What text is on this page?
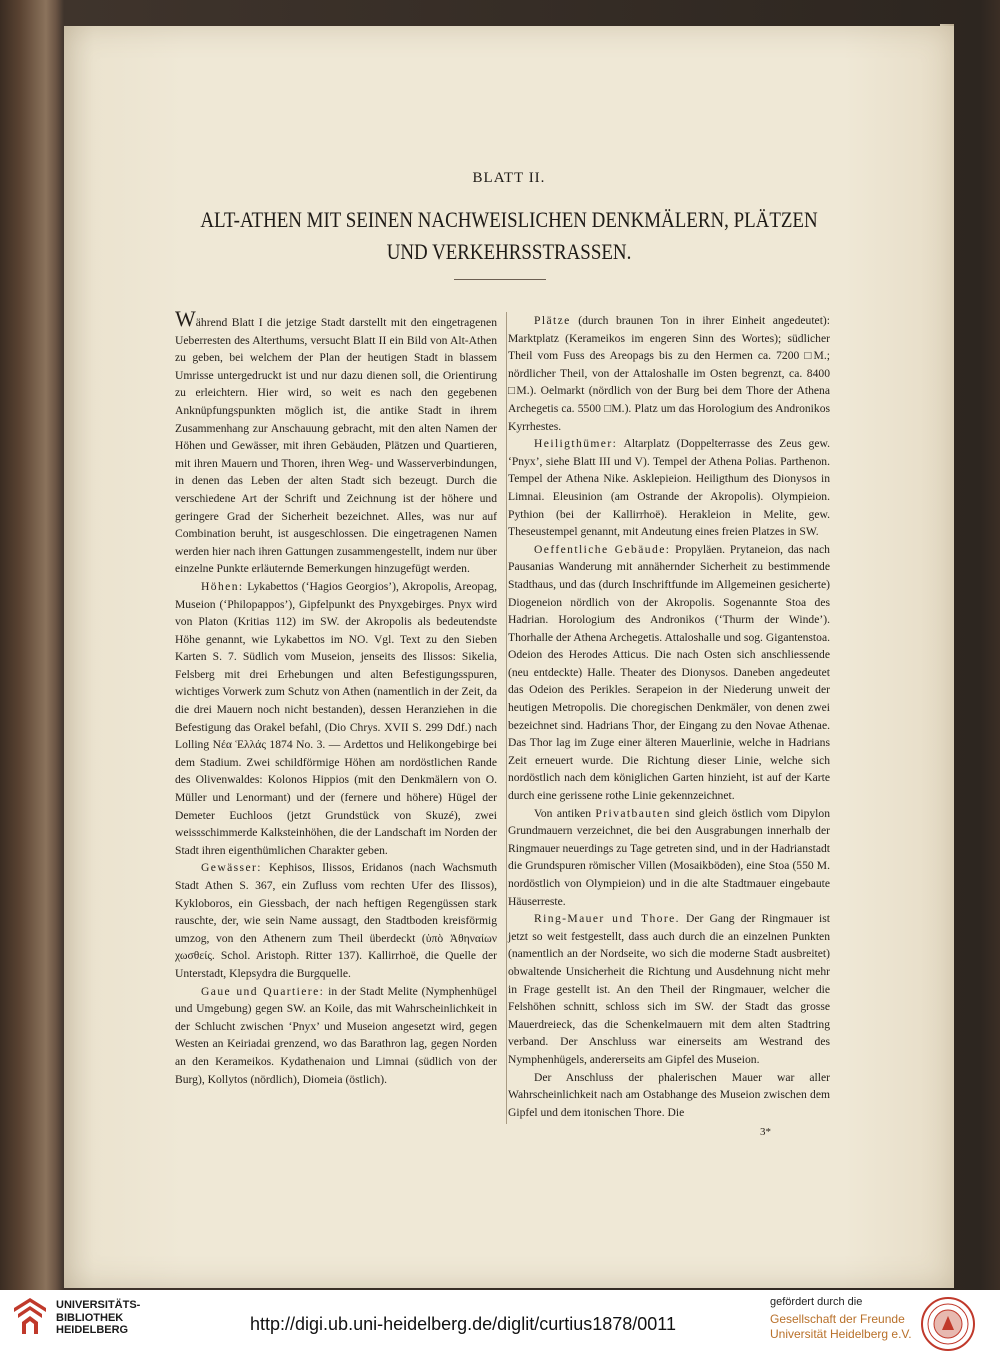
BLATT II.
ALT-ATHEN MIT SEINEN NACHWEISLICHEN DENKMÄLERN, PLÄTZEN
UND VERKEHRSSTRASSEN.

Während Blatt I die jetzige Stadt darstellt mit den eingetragenen Ueberresten des Alterthums, versucht Blatt II ein Bild von Alt-Athen zu geben, bei welchem der Plan der heutigen Stadt in blassem Umrisse untergedruckt ist und nur dazu dienen soll, die Orientirung zu erleichtern. Hier wird, so weit es nach den gegebenen Anknüpfungspunkten möglich ist, die antike Stadt in ihrem Zusammenhang zur Anschauung gebracht, mit den alten Namen der Höhen und Gewässer, mit ihren Gebäuden, Plätzen und Quartieren, mit ihren Mauern und Thoren, ihren Weg- und Wasserverbindungen, in denen das Leben der alten Stadt sich bezeugt. Durch die verschiedene Art der Schrift und Zeichnung ist der höhere und geringere Grad der Sicherheit bezeichnet. Alles, was nur auf Combination beruht, ist ausgeschlossen. Die eingetragenen Namen werden hier nach ihren Gattungen zusammengestellt, indem nur über einzelne Punkte erläuternde Bemerkungen hinzugefügt werden.

Höhen: Lykabettos (‘Hagios Georgios’), Akropolis, Areopag, Museion (‘Philopappos’), Gipfelpunkt des Pnyxgebirges. Pnyx wird von Platon (Kritias 112) im SW. der Akropolis als bedeutendste Höhe genannt, wie Lykabettos im NO. Vgl. Text zu den Sieben Karten S. 7. Südlich vom Museion, jenseits des Ilissos: Sikelia, Felsberg mit drei Erhebungen und alten Befestigungsspuren, wichtiges Vorwerk zum Schutz von Athen (namentlich in der Zeit, da die drei Mauern noch nicht bestanden), dessen Heranziehen in die Befestigung das Orakel befahl, (Dio Chrys. XVII S. 299 Ddf.) nach Lolling Νέα Ἑλλάς 1874 No. 3. — Ardettos und Helikongebirge bei dem Stadium. Zwei schildförmige Höhen am nordöstlichen Rande des Olivenwaldes: Kolonos Hippios (mit den Denkmälern von O. Müller und Lenormant) und der (fernere und höhere) Hügel der Demeter Euchloos (jetzt Grundstück von Skuzé), zwei weissschimmerde Kalksteinhöhen, die der Landschaft im Norden der Stadt ihren eigenthümlichen Charakter geben.

Gewässer: Kephisos, Ilissos, Eridanos (nach Wachsmuth Stadt Athen S. 367, ein Zufluss vom rechten Ufer des Ilissos), Kykloboros, ein Giessbach, der nach heftigen Regengüssen stark rauschte, der, wie sein Name aussagt, den Stadtboden kreisförmig umzog, von den Athenern zum Theil überdeckt (ὑπὸ Ἀθηναίων χωσθείς. Schol. Aristoph. Ritter 137). Kallirrhoë, die Quelle der Unterstadt, Klepsydra die Burgquelle.

Gaue und Quartiere: in der Stadt Melite (Nymphenhügel und Umgebung) gegen SW. an Koile, das mit Wahrscheinlichkeit in der Schlucht zwischen ‘Pnyx’ und Museion angesetzt wird, gegen Westen an Keiriadai grenzend, wo das Barathron lag, gegen Norden an den Kerameikos. Kydathenaion und Limnai (südlich von der Burg), Kollytos (nördlich), Diomeia (östlich).

Plätze (durch braunen Ton in ihrer Einheit angedeutet): Marktplatz (Kerameikos im engeren Sinn des Wortes); südlicher Theil vom Fuss des Areopags bis zu den Hermen ca. 7200 □M.; nördlicher Theil, von der Attaloshalle im Osten begrenzt, ca. 8400 □M.). Oelmarkt (nördlich von der Burg bei dem Thore der Athena Archegetis ca. 5500 □M.). Platz um das Horologium des Andronikos Kyrrhestes.

Heiligthümer: Altarplatz (Doppelterrasse des Zeus gew. ‘Pnyx’, siehe Blatt III und V). Tempel der Athena Polias. Parthenon. Tempel der Athena Nike. Asklepieion. Heiligthum des Dionysos in Limnai. Eleusinion (am Ostrande der Akropolis). Olympieion. Pythion (bei der Kallirrhoë). Herakleion in Melite, gew. Theseustempel genannt, mit Andeutung eines freien Platzes in SW.

Oeffentliche Gebäude: Propyläen. Prytaneion, das nach Pausanias Wanderung mit annähernder Sicherheit zu bestimmende Stadthaus, und das (durch Inschriftfunde im Allgemeinen gesicherte) Diogeneion nördlich von der Akropolis. Sogenannte Stoa des Hadrian. Horologium des Andronikos (‘Thurm der Winde’). Thorhalle der Athena Archegetis. Attaloshalle und sog. Gigantenstoa. Odeion des Herodes Atticus. Die nach Osten sich anschliessende (neu entdeckte) Halle. Theater des Dionysos. Daneben angedeutet das Odeion des Perikles. Serapeion in der Niederung unweit der heutigen Metropolis. Die choregischen Denkmäler, von denen zwei bezeichnet sind. Hadrians Thor, der Eingang zu den Novae Athenae. Das Thor lag im Zuge einer älteren Mauerlinie, welche in Hadrians Zeit erneuert wurde. Die Richtung dieser Linie, welche sich nordöstlich nach dem königlichen Garten hinzieht, ist auf der Karte durch eine gerissene rothe Linie gekennzeichnet.

Von antiken Privatbauten sind gleich östlich vom Dipylon Grundmauern verzeichnet, die bei den Ausgrabungen innerhalb der Ringmauer neuerdings zu Tage getreten sind, und in der Hadrianstadt die Grundspuren römischer Villen (Mosaikböden), eine Stoa (550 M. nordöstlich von Olympieion) und in die alte Stadtmauer eingebaute Häuserreste.

Ring-Mauer und Thore. Der Gang der Ringmauer ist jetzt so weit festgestellt, dass auch durch die an einzelnen Punkten (namentlich an der Nordseite, wo sich die moderne Stadt ausbreitet) obwaltende Unsicherheit die Richtung und Ausdehnung nicht mehr in Frage gestellt ist. An den Theil der Ringmauer, welcher die Felshöhen schnitt, schloss sich im SW. der Stadt das grosse Mauerdreieck, das die Schenkelmauern mit dem alten Stadtring verband. Der Anschluss war einerseits am Westrand des Nymphenhügels, andererseits am Gipfel des Museion.

Der Anschluss der phalerischen Mauer war aller Wahrscheinlichkeit nach am Ostabhange des Museion zwischen dem Gipfel und dem itonischen Thore. Die

3*
UNIVERSITÄTS-
BIBLIOTHEK
HEIDELBERG	http://digi.ub.uni-heidelberg.de/diglit/curtius1878/0011
gefördert durch die
Gesellschaft der Freunde
Universität Heidelberg e.V.
